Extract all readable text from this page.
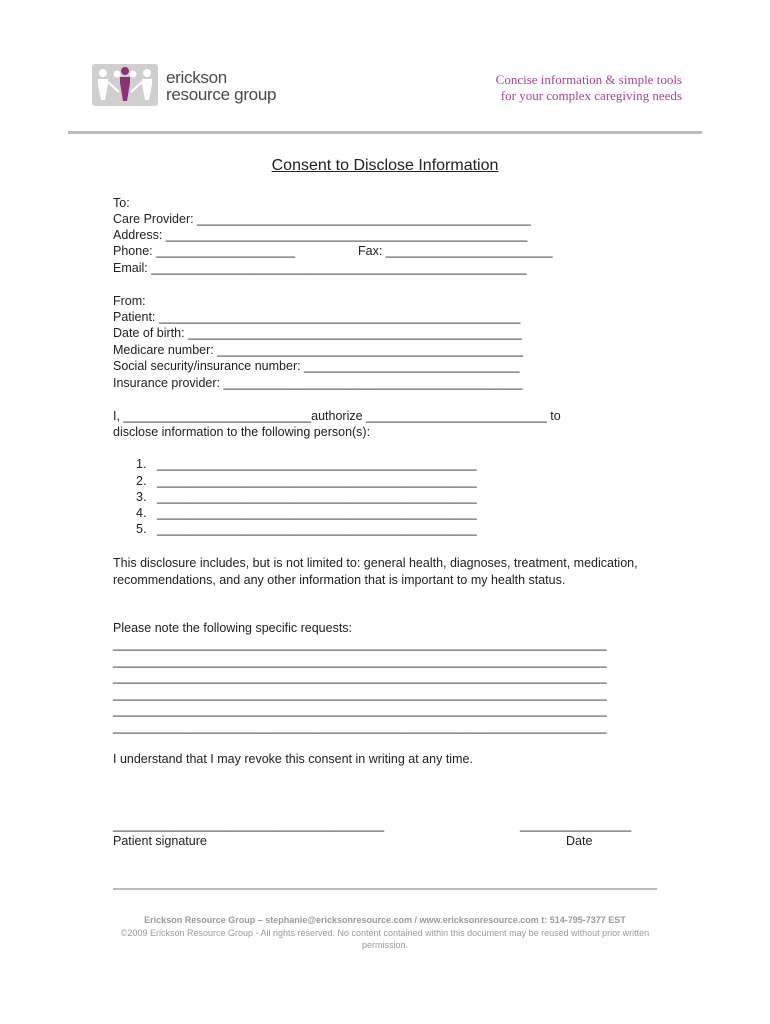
erickson
resource group
Concise information & simple tools
for your complex caregiving needs
Consent to Disclose Information
To:
Care Provider: ________________________________________________
Address: ____________________________________________________
Phone: ____________________	Fax: ________________________
Email: ______________________________________________________
From:
Patient: ____________________________________________________
Date of birth: ________________________________________________
Medicare number: ____________________________________________
Social security/insurance number: _______________________________
Insurance provider: ___________________________________________
I, ___________________________authorize __________________________ to
disclose information to the following person(s):
1.   ______________________________________________
2.   ______________________________________________
3.   ______________________________________________
4.   ______________________________________________
5.   ______________________________________________
This disclosure includes, but is not limited to: general health, diagnoses, treatment, medication, recommendations, and any other information that is important to my health status.
Please note the following specific requests:
_______________________________________________________________________
_______________________________________________________________________
_______________________________________________________________________
_______________________________________________________________________
_______________________________________________________________________
_______________________________________________________________________
I understand that I may revoke this consent in writing at any time.
_______________________________________	________________
Patient signature	Date
Erickson Resource Group – stephanie@ericksonresource.com / www.ericksonresource.com t: 514-795-7377 EST
©2009 Erickson Resource Group - All rights reserved. No content contained within this document may be reused without prior written permission.
